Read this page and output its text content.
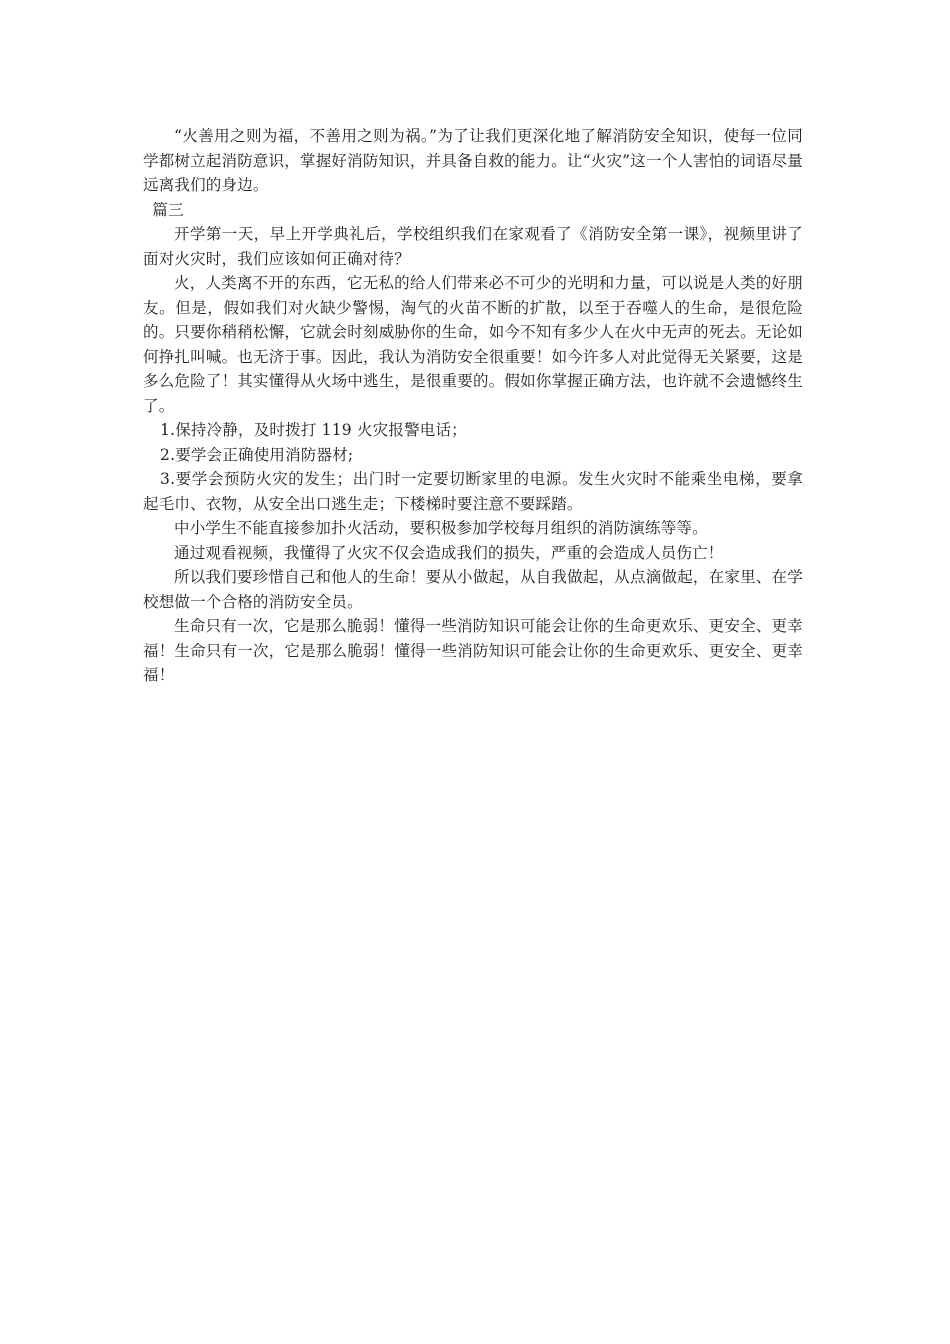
“火善用之则为福，不善用之则为祸。”为了让我们更深化地了解消防安全知识，使每一位同学都树立起消防意识，掌握好消防知识，并具备自救的能力。让“火灾”这一个人害怕的词语尽量远离我们的身边。

篇三

开学第一天，早上开学典礼后，学校组织我们在家观看了《消防安全第一课》，视频里讲了面对火灾时，我们应该如何正确对待？

火，人类离不开的东西，它无私的给人们带来必不可少的光明和力量，可以说是人类的好朋友。但是，假如我们对火缺少警惕，淘气的火苗不断的扩散，以至于吞噬人的生命，是很危险的。只要你稍稍松懈，它就会时刻威胁你的生命，如今不知有多少人在火中无声的死去。无论如何挣扎叫喊。也无济于事。因此，我认为消防安全很重要！如今许多人对此觉得无关紧要，这是多么危险了！其实懂得从火场中逃生，是很重要的。假如你掌握正确方法，也许就不会遗憾终生了。

1.保持冷静，及时拨打 119 火灾报警电话；

2.要学会正确使用消防器材;

3.要学会预防火灾的发生；出门时一定要切断家里的电源。发生火灾时不能乘坐电梯，要拿起毛巾、衣物，从安全出口逃生走；下楼梯时要注意不要踩踏。

中小学生不能直接参加扑火活动，要积极参加学校每月组织的消防演练等等。

通过观看视频，我懂得了火灾不仅会造成我们的损失，严重的会造成人员伤亡！

所以我们要珍惜自己和他人的生命！要从小做起，从自我做起，从点滴做起，在家里、在学校想做一个合格的消防安全员。

生命只有一次，它是那么脆弱！懂得一些消防知识可能会让你的生命更欢乐、更安全、更幸福！生命只有一次，它是那么脆弱！懂得一些消防知识可能会让你的生命更欢乐、更安全、更幸福！
